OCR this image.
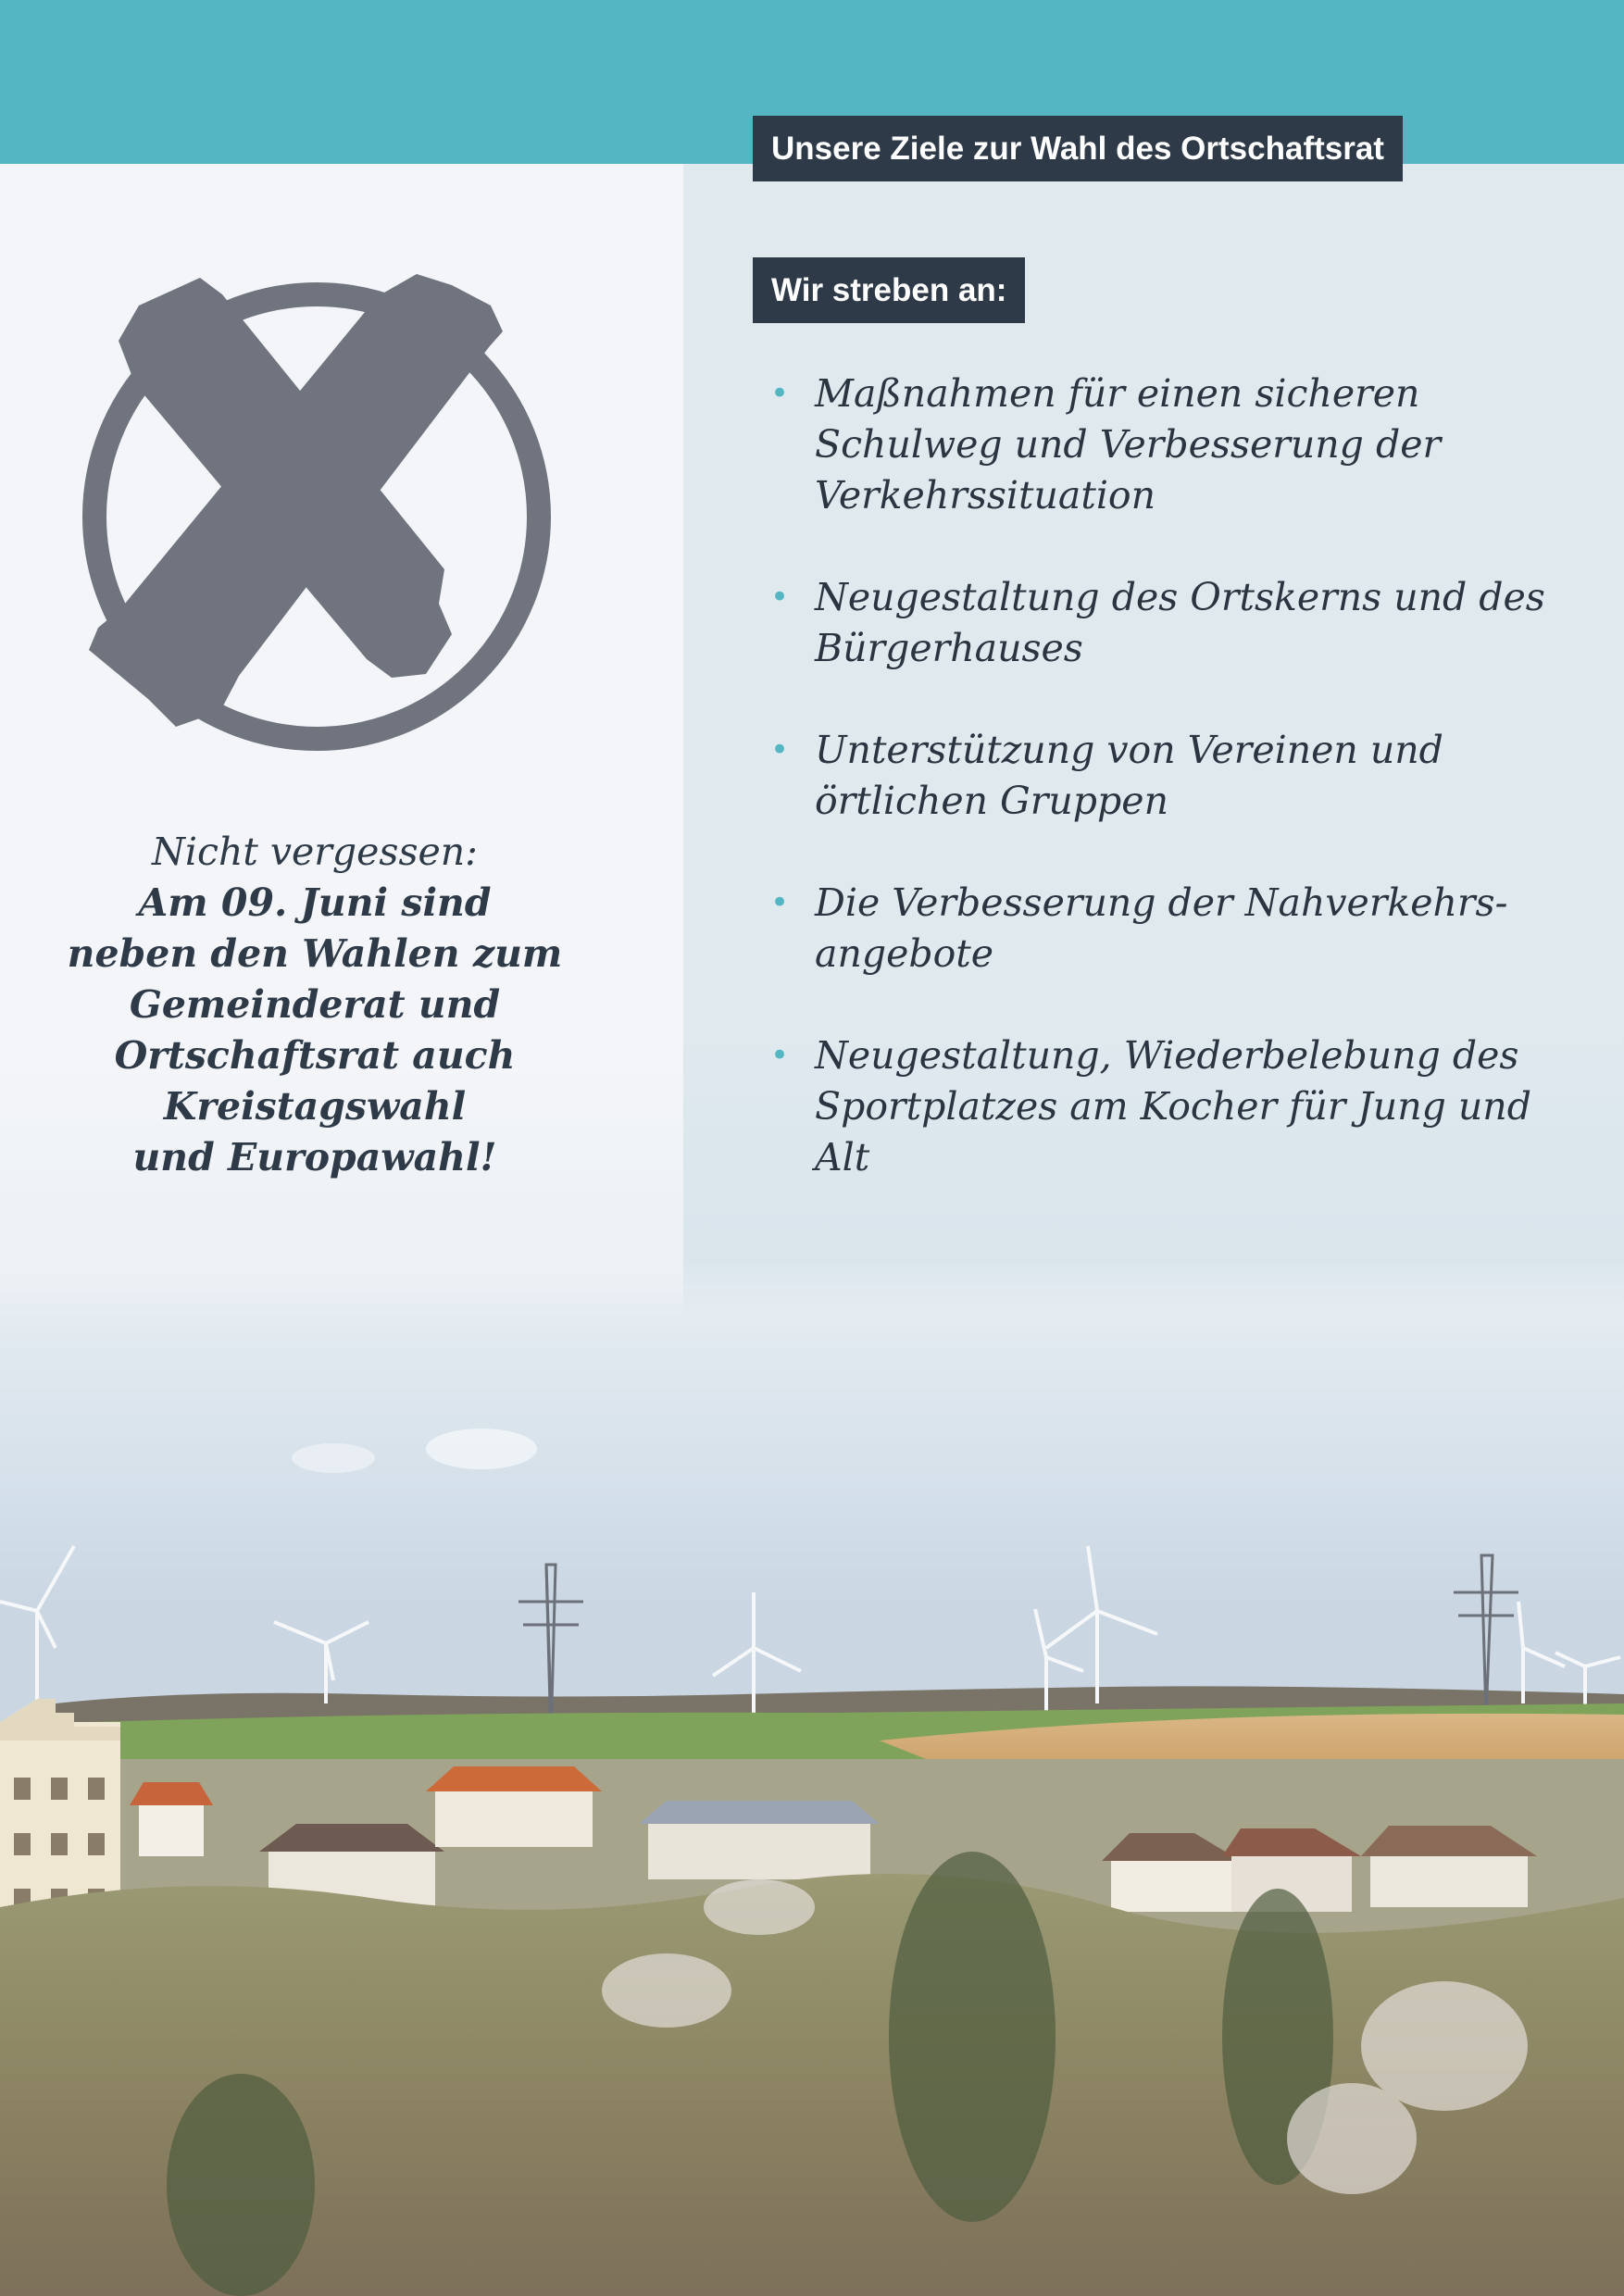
Unsere Ziele zur Wahl des Ortschaftsrat
Wir streben an:
• Maßnahmen für einen sicheren Schulweg und Verbesserung der Verkehrssituation
• Neugestaltung des Ortskerns und des Bürgerhauses
• Unterstützung von Vereinen und örtlichen Gruppen
• Die Verbesserung der Nahverkehrs-angebote
• Neugestaltung, Wiederbelebung des Sportplatzes am Kocher für Jung und Alt
Nicht vergessen:
Am 09. Juni sind
neben den Wahlen zum
Gemeinderat und
Ortschaftsrat auch
Kreistagswahl
und Europawahl!
